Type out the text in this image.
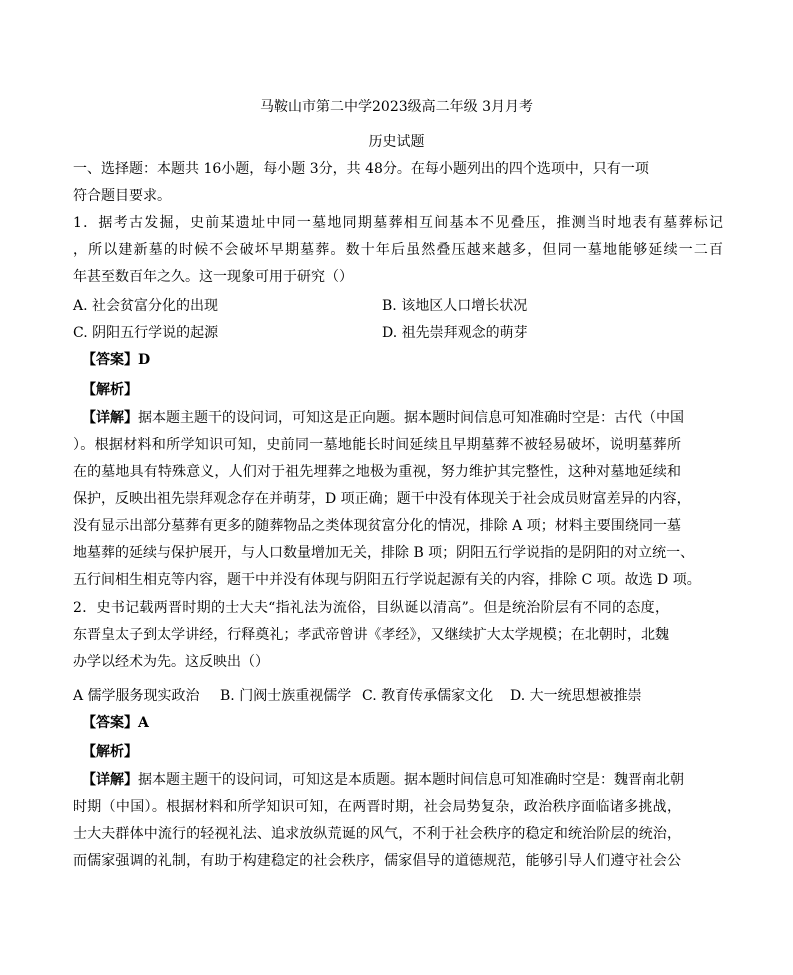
马鞍山市第二中学2023级高二年级 3月月考
历史试题
一、选择题：本题共 16小题，每小题 3分，共 48分。在每小题列出的四个选项中，只有一项
符合题目要求。
1．据考古发掘，史前某遗址中同一墓地同期墓葬相互间基本不见叠压，推测当时地表有墓葬标记
，所以建新墓的时候不会破坏早期墓葬。数十年后虽然叠压越来越多，但同一墓地能够延续一二百
年甚至数百年之久。这一现象可用于研究（）
A. 社会贫富分化的出现	B. 该地区人口增长状况
C. 阴阳五行学说的起源	D. 祖先崇拜观念的萌芽
【答案】D
【解析】
【详解】据本题主题干的设问词，可知这是正向题。据本题时间信息可知准确时空是：古代（中国
）。根据材料和所学知识可知，史前同一墓地能长时间延续且早期墓葬不被轻易破坏，说明墓葬所
在的墓地具有特殊意义，人们对于祖先埋葬之地极为重视，努力维护其完整性，这种对墓地延续和
保护，反映出祖先崇拜观念存在并萌芽，D 项正确；题干中没有体现关于社会成员财富差异的内容，
没有显示出部分墓葬有更多的随葬物品之类体现贫富分化的情况，排除 A 项；材料主要围绕同一墓
地墓葬的延续与保护展开，与人口数量增加无关，排除 B 项；阴阳五行学说指的是阴阳的对立统一、
五行间相生相克等内容，题干中并没有体现与阴阳五行学说起源有关的内容，排除 C 项。故选 D 项。
2．史书记载两晋时期的士大夫“指礼法为流俗，目纵诞以清高”。但是统治阶层有不同的态度，
东晋皇太子到太学讲经，行释奠礼；孝武帝曾讲《孝经》，又继续扩大太学规模；在北朝时，北魏
办学以经术为先。这反映出（）
A 儒学服务现实政治 B. 门阀士族重视儒学 C. 教育传承儒家文化 D. 大一统思想被推崇
【答案】A
【解析】
【详解】据本题主题干的设问词，可知这是本质题。据本题时间信息可知准确时空是：魏晋南北朝
时期（中国）。根据材料和所学知识可知，在两晋时期，社会局势复杂，政治秩序面临诸多挑战，
士大夫群体中流行的轻视礼法、追求放纵荒诞的风气，不利于社会秩序的稳定和统治阶层的统治，
而儒家强调的礼制，有助于构建稳定的社会秩序，儒家倡导的道德规范，能够引导人们遵守社会公
